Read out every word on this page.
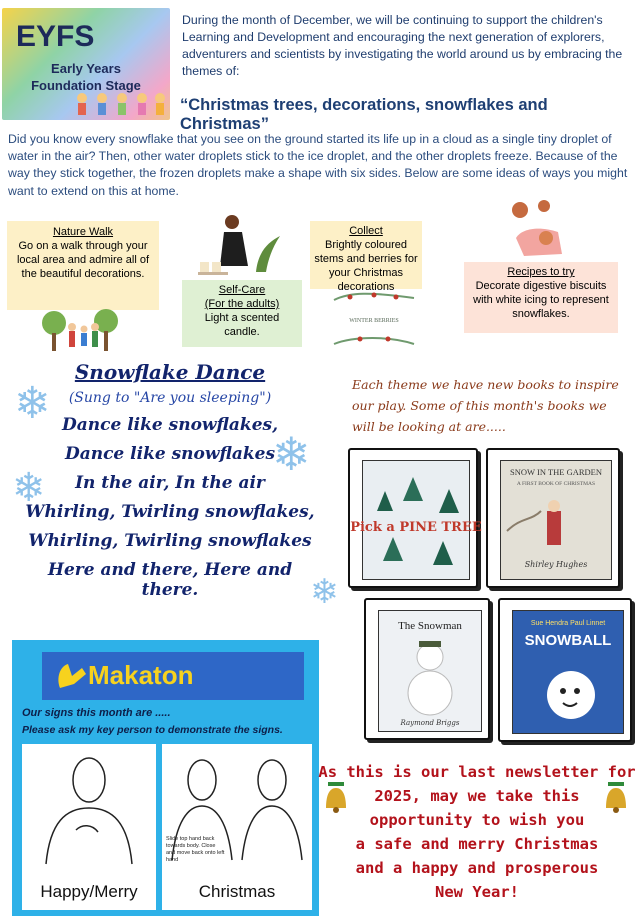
EYFS
Early Years
Foundation Stage
During the month of December, we will be continuing to support the children's Learning and Development and encouraging the next generation of explorers, adventurers and scientists by investigating the world around us by embracing the themes of:
“Christmas trees, decorations, snowflakes and Christmas”
Did you know every snowflake that you see on the ground started its life up in a cloud as a single tiny droplet of water in the air? Then, other water droplets stick to the ice droplet, and the other droplets freeze. Because of the way they stick together, the frozen droplets make a shape with six sides. Below are some ideas of ways you might want to extend on this at home.
Nature Walk
Go on a walk through your local area and admire all of the beautiful decorations.
Self-Care
(For the adults)
Light a scented candle.
Collect
Brightly coloured stems and berries for your Christmas decorations
WINTER BERRIES
Recipes to try
Decorate digestive biscuits with white icing to represent snowflakes.
❄
❄
❄
❄
Snowflake Dance
(Sung to "Are you sleeping")
Dance like snowflakes,
Dance like snowflakes
In the air, In the air
Whirling, Twirling snowflakes,
Whirling, Twirling snowflakes
Here and there, Here and there.
Each theme we have new books to inspire our play. Some of this month's books we will be looking at are.....
Pick a PINE TREE
SNOW IN THE GARDEN
A FIRST BOOK OF CHRISTMAS
Shirley Hughes
The Snowman
Raymond Briggs
Sue Hendra Paul Linnet
SNOWBALL
Makaton
Our signs this month are .....
Please ask my key person to demonstrate the signs.
Happy/Merry
Slide top hand back towards body. Close and move back onto left hand
Christmas
As this is our last newsletter for
2025, may we take this
opportunity to wish you
a safe and merry Christmas
and a happy and prosperous
New Year!
